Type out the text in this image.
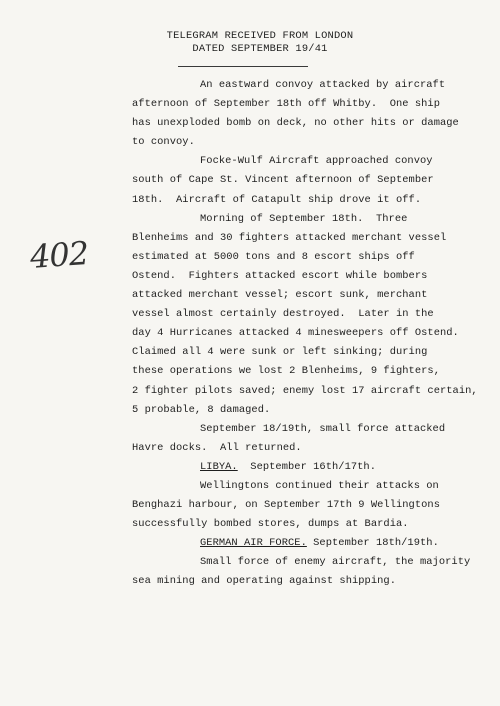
TELEGRAM RECEIVED FROM LONDON
DATED SEPTEMBER 19/41
402

An eastward convoy attacked by aircraft

afternoon of September 18th off Whitby.  One ship

has unexploded bomb on deck, no other hits or damage

to convoy.

Focke-Wulf Aircraft approached convoy

south of Cape St. Vincent afternoon of September

18th.  Aircraft of Catapult ship drove it off.

Morning of September 18th.  Three

Blenheims and 30 fighters attacked merchant vessel

estimated at 5000 tons and 8 escort ships off

Ostend.  Fighters attacked escort while bombers

attacked merchant vessel; escort sunk, merchant

vessel almost certainly destroyed.  Later in the

day 4 Hurricanes attacked 4 minesweepers off Ostend.

Claimed all 4 were sunk or left sinking; during

these operations we lost 2 Blenheims, 9 fighters,

2 fighter pilots saved; enemy lost 17 aircraft certain,

5 probable, 8 damaged.

September 18/19th, small force attacked

Havre docks.  All returned.

LIBYA.  September 16th/17th.

Wellingtons continued their attacks on

Benghazi harbour, on September 17th 9 Wellingtons

successfully bombed stores, dumps at Bardia.

GERMAN AIR FORCE. September 18th/19th.

Small force of enemy aircraft, the majority

sea mining and operating against shipping.
